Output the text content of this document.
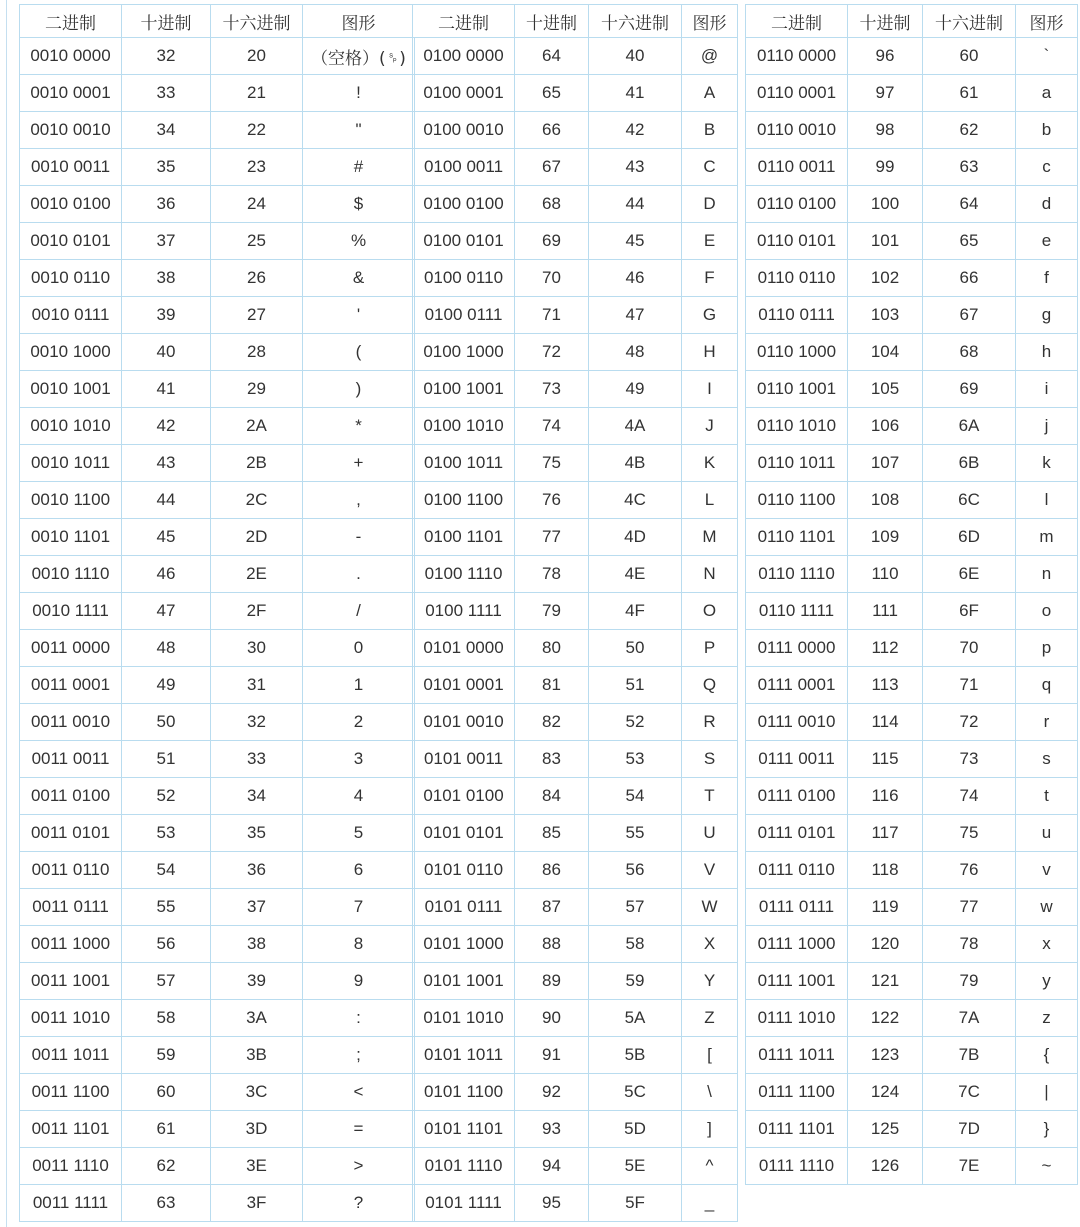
二进制	十进制	十六进制	图形
0010 0000	32	20	（空格）(␠)
0010 0001	33	21	!
0010 0010	34	22	"
0010 0011	35	23	#
0010 0100	36	24	$
0010 0101	37	25	%
0010 0110	38	26	&
0010 0111	39	27	'
0010 1000	40	28	(
0010 1001	41	29	)
0010 1010	42	2A	*
0010 1011	43	2B	+
0010 1100	44	2C	,
0010 1101	45	2D	-
0010 1110	46	2E	.
0010 1111	47	2F	/
0011 0000	48	30	0
0011 0001	49	31	1
0011 0010	50	32	2
0011 0011	51	33	3
0011 0100	52	34	4
0011 0101	53	35	5
0011 0110	54	36	6
0011 0111	55	37	7
0011 1000	56	38	8
0011 1001	57	39	9
0011 1010	58	3A	:
0011 1011	59	3B	;
0011 1100	60	3C	<
0011 1101	61	3D	=
0011 1110	62	3E	>
0011 1111	63	3F	?
二进制	十进制	十六进制	图形
0100 0000	64	40	@
0100 0001	65	41	A
0100 0010	66	42	B
0100 0011	67	43	C
0100 0100	68	44	D
0100 0101	69	45	E
0100 0110	70	46	F
0100 0111	71	47	G
0100 1000	72	48	H
0100 1001	73	49	I
0100 1010	74	4A	J
0100 1011	75	4B	K
0100 1100	76	4C	L
0100 1101	77	4D	M
0100 1110	78	4E	N
0100 1111	79	4F	O
0101 0000	80	50	P
0101 0001	81	51	Q
0101 0010	82	52	R
0101 0011	83	53	S
0101 0100	84	54	T
0101 0101	85	55	U
0101 0110	86	56	V
0101 0111	87	57	W
0101 1000	88	58	X
0101 1001	89	59	Y
0101 1010	90	5A	Z
0101 1011	91	5B	[
0101 1100	92	5C	\
0101 1101	93	5D	]
0101 1110	94	5E	^
0101 1111	95	5F	_
二进制	十进制	十六进制	图形
0110 0000	96	60	`
0110 0001	97	61	a
0110 0010	98	62	b
0110 0011	99	63	c
0110 0100	100	64	d
0110 0101	101	65	e
0110 0110	102	66	f
0110 0111	103	67	g
0110 1000	104	68	h
0110 1001	105	69	i
0110 1010	106	6A	j
0110 1011	107	6B	k
0110 1100	108	6C	l
0110 1101	109	6D	m
0110 1110	110	6E	n
0110 1111	111	6F	o
0111 0000	112	70	p
0111 0001	113	71	q
0111 0010	114	72	r
0111 0011	115	73	s
0111 0100	116	74	t
0111 0101	117	75	u
0111 0110	118	76	v
0111 0111	119	77	w
0111 1000	120	78	x
0111 1001	121	79	y
0111 1010	122	7A	z
0111 1011	123	7B	{
0111 1100	124	7C	|
0111 1101	125	7D	}
0111 1110	126	7E	~
